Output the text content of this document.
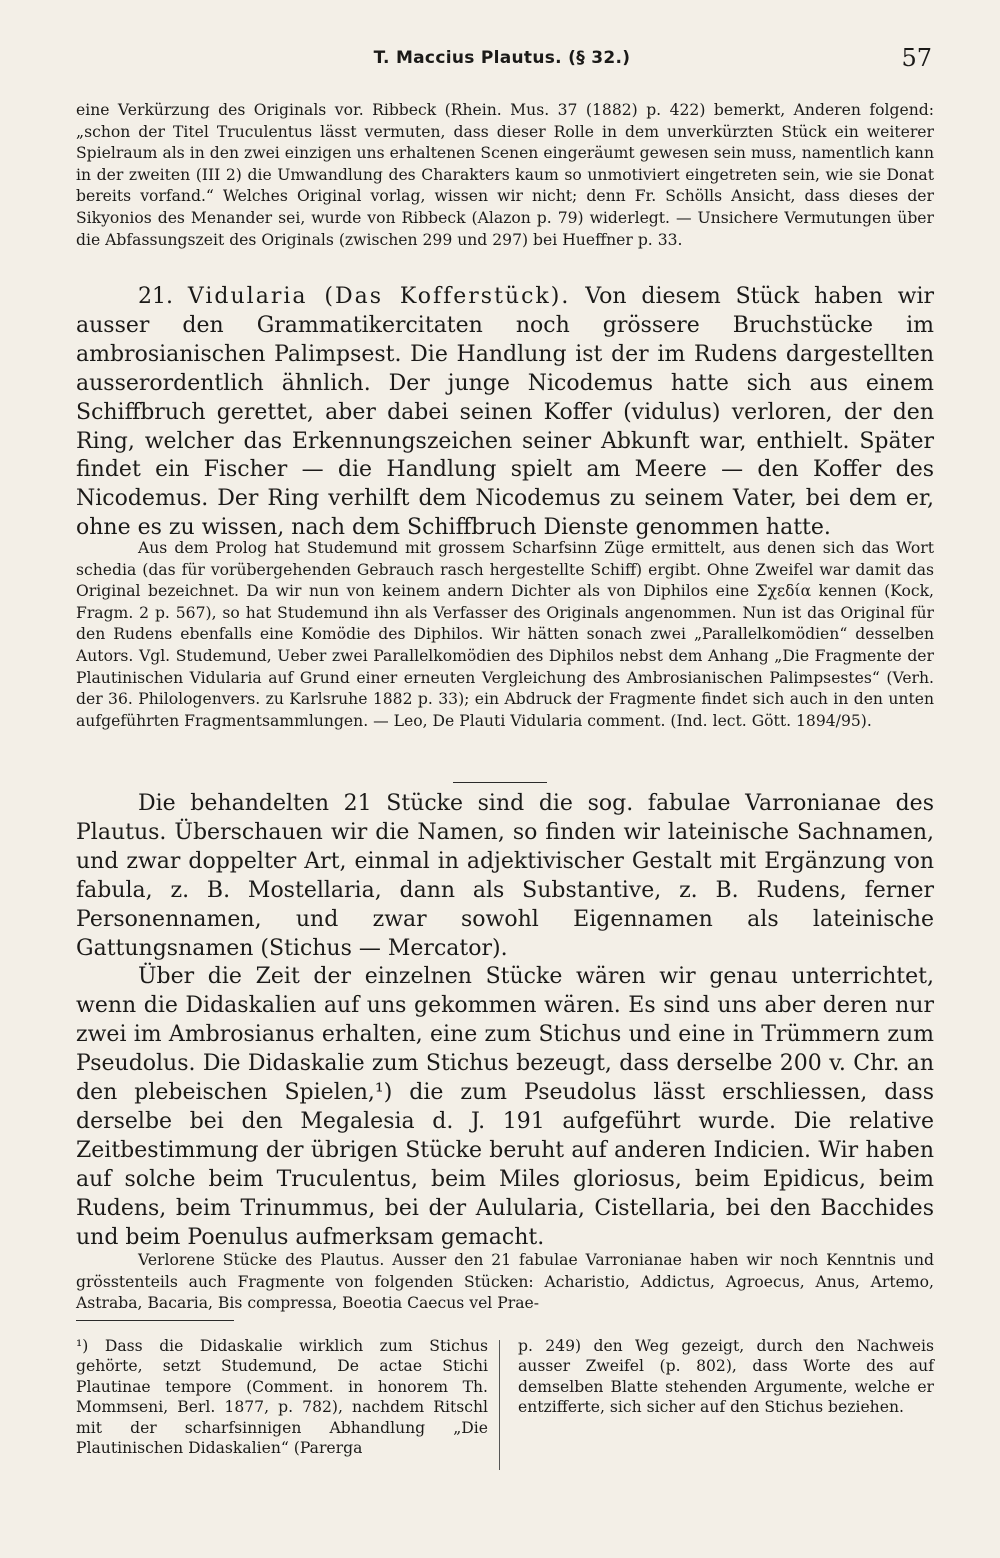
T. Maccius Plautus. (§ 32.)	57

eine Verkürzung des Originals vor. Ribbeck (Rhein. Mus. 37 (1882) p. 422) bemerkt, Anderen folgend: „schon der Titel Truculentus lässt vermuten, dass dieser Rolle in dem unverkürzten Stück ein weiterer Spielraum als in den zwei einzigen uns erhaltenen Scenen eingeräumt gewesen sein muss, namentlich kann in der zweiten (III 2) die Umwandlung des Charakters kaum so unmotiviert eingetreten sein, wie sie Donat bereits vorfand.“ Welches Original vorlag, wissen wir nicht; denn Fr. Schölls Ansicht, dass dieses der Sikyonios des Menander sei, wurde von Ribbeck (Alazon p. 79) widerlegt. — Unsichere Vermutungen über die Abfassungszeit des Originals (zwischen 299 und 297) bei Hueffner p. 33.

21. Vidularia (Das Kofferstück). Von diesem Stück haben wir ausser den Grammatikercitaten noch grössere Bruchstücke im ambrosianischen Palimpsest. Die Handlung ist der im Rudens dargestellten ausserordentlich ähnlich. Der junge Nicodemus hatte sich aus einem Schiffbruch gerettet, aber dabei seinen Koffer (vidulus) verloren, der den Ring, welcher das Erkennungszeichen seiner Abkunft war, enthielt. Später findet ein Fischer — die Handlung spielt am Meere — den Koffer des Nicodemus. Der Ring verhilft dem Nicodemus zu seinem Vater, bei dem er, ohne es zu wissen, nach dem Schiffbruch Dienste genommen hatte.

Aus dem Prolog hat Studemund mit grossem Scharfsinn Züge ermittelt, aus denen sich das Wort schedia (das für vorübergehenden Gebrauch rasch hergestellte Schiff) ergibt. Ohne Zweifel war damit das Original bezeichnet. Da wir nun von keinem andern Dichter als von Diphilos eine Σχεδία kennen (Kock, Fragm. 2 p. 567), so hat Studemund ihn als Verfasser des Originals angenommen. Nun ist das Original für den Rudens ebenfalls eine Komödie des Diphilos. Wir hätten sonach zwei „Parallelkomödien“ desselben Autors. Vgl. Studemund, Ueber zwei Parallelkomödien des Diphilos nebst dem Anhang „Die Fragmente der Plautinischen Vidularia auf Grund einer erneuten Vergleichung des Ambrosianischen Palimpsestes“ (Verh. der 36. Philologenvers. zu Karlsruhe 1882 p. 33); ein Abdruck der Fragmente findet sich auch in den unten aufgeführten Fragmentsammlungen. — Leo, De Plauti Vidularia comment. (Ind. lect. Gött. 1894/95).

Die behandelten 21 Stücke sind die sog. fabulae Varronianae des Plautus. Überschauen wir die Namen, so finden wir lateinische Sachnamen, und zwar doppelter Art, einmal in adjektivischer Gestalt mit Ergänzung von fabula, z. B. Mostellaria, dann als Substantive, z. B. Rudens, ferner Personennamen, und zwar sowohl Eigennamen als lateinische Gattungsnamen (Stichus — Mercator).

Über die Zeit der einzelnen Stücke wären wir genau unterrichtet, wenn die Didaskalien auf uns gekommen wären. Es sind uns aber deren nur zwei im Ambrosianus erhalten, eine zum Stichus und eine in Trümmern zum Pseudolus. Die Didaskalie zum Stichus bezeugt, dass derselbe 200 v. Chr. an den plebeischen Spielen,¹) die zum Pseudolus lässt erschliessen, dass derselbe bei den Megalesia d. J. 191 aufgeführt wurde. Die relative Zeitbestimmung der übrigen Stücke beruht auf anderen Indicien. Wir haben auf solche beim Truculentus, beim Miles gloriosus, beim Epidicus, beim Rudens, beim Trinummus, bei der Aulularia, Cistellaria, bei den Bacchides und beim Poenulus aufmerksam gemacht.

Verlorene Stücke des Plautus. Ausser den 21 fabulae Varronianae haben wir noch Kenntnis und grösstenteils auch Fragmente von folgenden Stücken: Acharistio, Addictus, Agroecus, Anus, Artemo, Astraba, Bacaria, Bis compressa, Boeotia Caecus vel Prae-

¹) Dass die Didaskalie wirklich zum Stichus gehörte, setzt Studemund, De actae Stichi Plautinae tempore (Comment. in honorem Th. Mommseni, Berl. 1877, p. 782), nachdem Ritschl mit der scharfsinnigen Abhandlung „Die Plautinischen Didaskalien“ (Parerga
p. 249) den Weg gezeigt, durch den Nachweis ausser Zweifel (p. 802), dass Worte des auf demselben Blatte stehenden Argumente, welche er entzifferte, sich sicher auf den Stichus beziehen.
